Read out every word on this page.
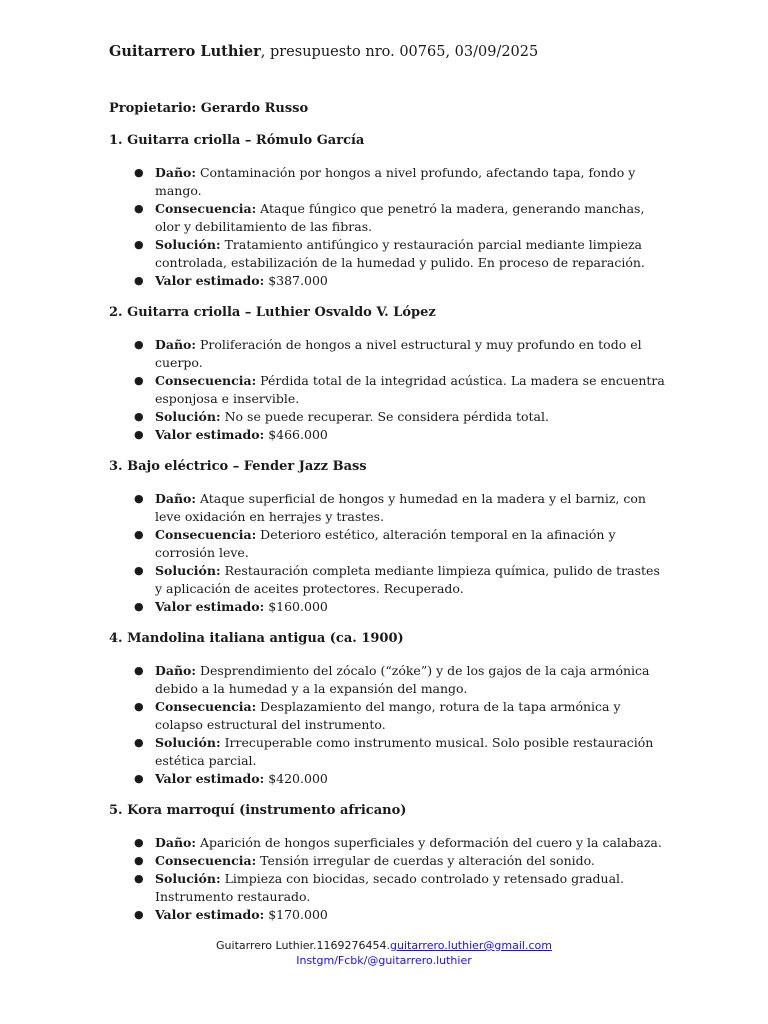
Guitarrero Luthier, presupuesto nro. 00765, 03/09/2025

Propietario: Gerardo Russo
1. Guitarra criolla – Rómulo García
● Daño: Contaminación por hongos a nivel profundo, afectando tapa, fondo y mango.
● Consecuencia: Ataque fúngico que penetró la madera, generando manchas, olor y debilitamiento de las fibras.
● Solución: Tratamiento antifúngico y restauración parcial mediante limpieza controlada, estabilización de la humedad y pulido. En proceso de reparación.
● Valor estimado: $387.000
2. Guitarra criolla – Luthier Osvaldo V. López
● Daño: Proliferación de hongos a nivel estructural y muy profundo en todo el cuerpo.
● Consecuencia: Pérdida total de la integridad acústica. La madera se encuentra esponjosa e inservible.
● Solución: No se puede recuperar. Se considera pérdida total.
● Valor estimado: $466.000
3. Bajo eléctrico – Fender Jazz Bass
● Daño: Ataque superficial de hongos y humedad en la madera y el barniz, con leve oxidación en herrajes y trastes.
● Consecuencia: Deterioro estético, alteración temporal en la afinación y corrosión leve.
● Solución: Restauración completa mediante limpieza química, pulido de trastes y aplicación de aceites protectores. Recuperado.
● Valor estimado: $160.000
4. Mandolina italiana antigua (ca. 1900)
● Daño: Desprendimiento del zócalo (“zóke”) y de los gajos de la caja armónica debido a la humedad y a la expansión del mango.
● Consecuencia: Desplazamiento del mango, rotura de la tapa armónica y colapso estructural del instrumento.
● Solución: Irrecuperable como instrumento musical. Solo posible restauración estética parcial.
● Valor estimado: $420.000
5. Kora marroquí (instrumento africano)
● Daño: Aparición de hongos superficiales y deformación del cuero y la calabaza.
● Consecuencia: Tensión irregular de cuerdas y alteración del sonido.
● Solución: Limpieza con biocidas, secado controlado y retensado gradual. Instrumento restaurado.
● Valor estimado: $170.000
Guitarrero Luthier.1169276454.guitarrero.luthier@gmail.com
Instgm/Fcbk/@guitarrero.luthier
